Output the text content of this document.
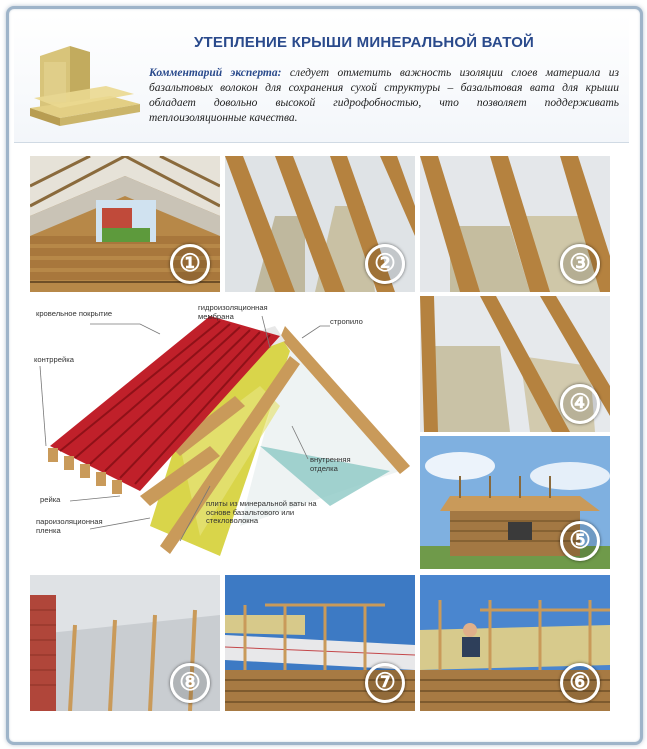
УТЕПЛЕНИЕ КРЫШИ МИНЕРАЛЬНОЙ ВАТОЙ
Комментарий эксперта: следует отметить важность изоляции слоев материала из базальтовых волокон для сохранения сухой структуры – базальтовая вата для крыши обладает довольно высокой гидрофобностью, что позволяет поддерживать теплоизоляционные качества.
①	②	③
кровельное покрытие
гидроизоляционная мембрана
стропило
контррейка
рейка
пароизоляционная пленка
плиты из минеральной ваты на основе базальтового или стекловолокна
внутренняя отделка
④
⑤
⑧	⑦	⑥
